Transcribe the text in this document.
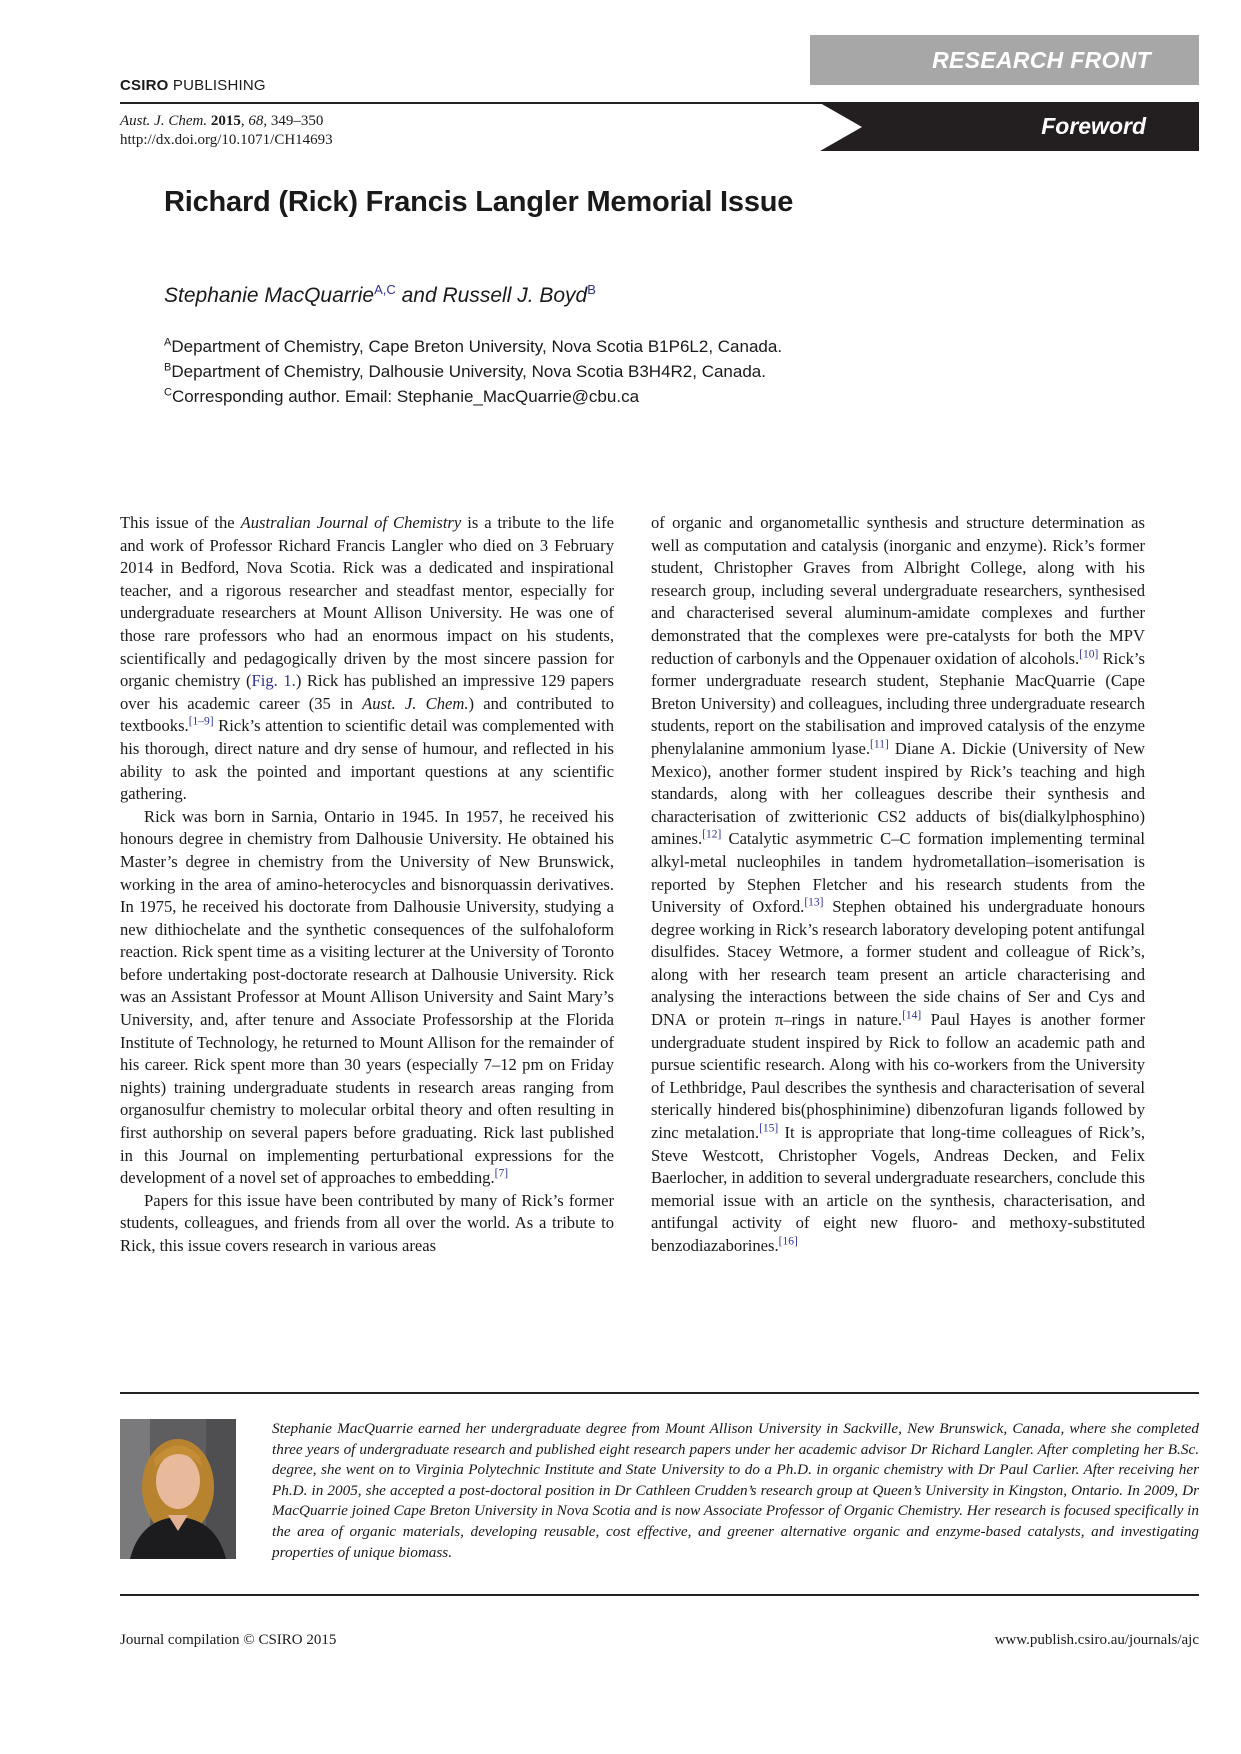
CSIRO PUBLISHING
RESEARCH FRONT
Foreword
Aust. J. Chem. 2015, 68, 349–350
http://dx.doi.org/10.1071/CH14693
Richard (Rick) Francis Langler Memorial Issue
Stephanie MacQuarrie$^{A,C}$ and Russell J. Boyd$^B$
$^A$Department of Chemistry, Cape Breton University, Nova Scotia B1P6L2, Canada.
$^B$Department of Chemistry, Dalhousie University, Nova Scotia B3H4R2, Canada.
$^C$Corresponding author. Email: Stephanie_MacQuarrie@cbu.ca

This issue of the Australian Journal of Chemistry is a tribute to the life and work of Professor Richard Francis Langler who died on 3 February 2014 in Bedford, Nova Scotia. Rick was a dedicated and inspirational teacher, and a rigorous researcher and steadfast mentor, especially for undergraduate researchers at Mount Allison University. He was one of those rare professors who had an enormous impact on his students, scientifically and pedagogically driven by the most sincere passion for organic chemistry (Fig. 1.) Rick has published an impressive 129 papers over his academic career (35 in Aust. J. Chem.) and contributed to textbooks.[1–9] Rick’s attention to scientific detail was complemented with his thorough, direct nature and dry sense of humour, and reflected in his ability to ask the pointed and important questions at any scientific gathering.

Rick was born in Sarnia, Ontario in 1945. In 1957, he received his honours degree in chemistry from Dalhousie University. He obtained his Master’s degree in chemistry from the University of New Brunswick, working in the area of amino-heterocycles and bisnorquassin derivatives. In 1975, he received his doctorate from Dalhousie University, studying a new dithiochelate and the synthetic consequences of the sulfohaloform reaction. Rick spent time as a visiting lecturer at the University of Toronto before undertaking post-doctorate research at Dalhousie University. Rick was an Assistant Professor at Mount Allison University and Saint Mary’s University, and, after tenure and Associate Professorship at the Florida Institute of Technology, he returned to Mount Allison for the remainder of his career. Rick spent more than 30 years (especially 7–12 pm on Friday nights) training undergraduate students in research areas ranging from organosulfur chemistry to molecular orbital theory and often resulting in first authorship on several papers before graduating. Rick last published in this Journal on implementing perturbational expressions for the development of a novel set of approaches to embedding.[7]

Papers for this issue have been contributed by many of Rick’s former students, colleagues, and friends from all over the world. As a tribute to Rick, this issue covers research in various areas

of organic and organometallic synthesis and structure determination as well as computation and catalysis (inorganic and enzyme). Rick’s former student, Christopher Graves from Albright College, along with his research group, including several undergraduate researchers, synthesised and characterised several aluminum-amidate complexes and further demonstrated that the complexes were pre-catalysts for both the MPV reduction of carbonyls and the Oppenauer oxidation of alcohols.[10] Rick’s former undergraduate research student, Stephanie MacQuarrie (Cape Breton University) and colleagues, including three undergraduate research students, report on the stabilisation and improved catalysis of the enzyme phenylalanine ammonium lyase.[11] Diane A. Dickie (University of New Mexico), another former student inspired by Rick’s teaching and high standards, along with her colleagues describe their synthesis and characterisation of zwitterionic CS2 adducts of bis(dialkylphosphino) amines.[12] Catalytic asymmetric C–C formation implementing terminal alkyl-metal nucleophiles in tandem hydrometallation–isomerisation is reported by Stephen Fletcher and his research students from the University of Oxford.[13] Stephen obtained his undergraduate honours degree working in Rick’s research laboratory developing potent antifungal disulfides. Stacey Wetmore, a former student and colleague of Rick’s, along with her research team present an article characterising and analysing the interactions between the side chains of Ser and Cys and DNA or protein π–rings in nature.[14] Paul Hayes is another former undergraduate student inspired by Rick to follow an academic path and pursue scientific research. Along with his co-workers from the University of Lethbridge, Paul describes the synthesis and characterisation of several sterically hindered bis(phosphinimine) dibenzofuran ligands followed by zinc metalation.[15] It is appropriate that long-time colleagues of Rick’s, Steve Westcott, Christopher Vogels, Andreas Decken, and Felix Baerlocher, in addition to several undergraduate researchers, conclude this memorial issue with an article on the synthesis, characterisation, and antifungal activity of eight new fluoro- and methoxy-substituted benzodiazaborines.[16]

Stephanie MacQuarrie earned her undergraduate degree from Mount Allison University in Sackville, New Brunswick, Canada, where she completed three years of undergraduate research and published eight research papers under her academic advisor Dr Richard Langler. After completing her B.Sc. degree, she went on to Virginia Polytechnic Institute and State University to do a Ph.D. in organic chemistry with Dr Paul Carlier. After receiving her Ph.D. in 2005, she accepted a post-doctoral position in Dr Cathleen Crudden’s research group at Queen’s University in Kingston, Ontario. In 2009, Dr MacQuarrie joined Cape Breton University in Nova Scotia and is now Associate Professor of Organic Chemistry. Her research is focused specifically in the area of organic materials, developing reusable, cost effective, and greener alternative organic and enzyme-based catalysts, and investigating properties of unique biomass.
Journal compilation © CSIRO 2015	www.publish.csiro.au/journals/ajc
